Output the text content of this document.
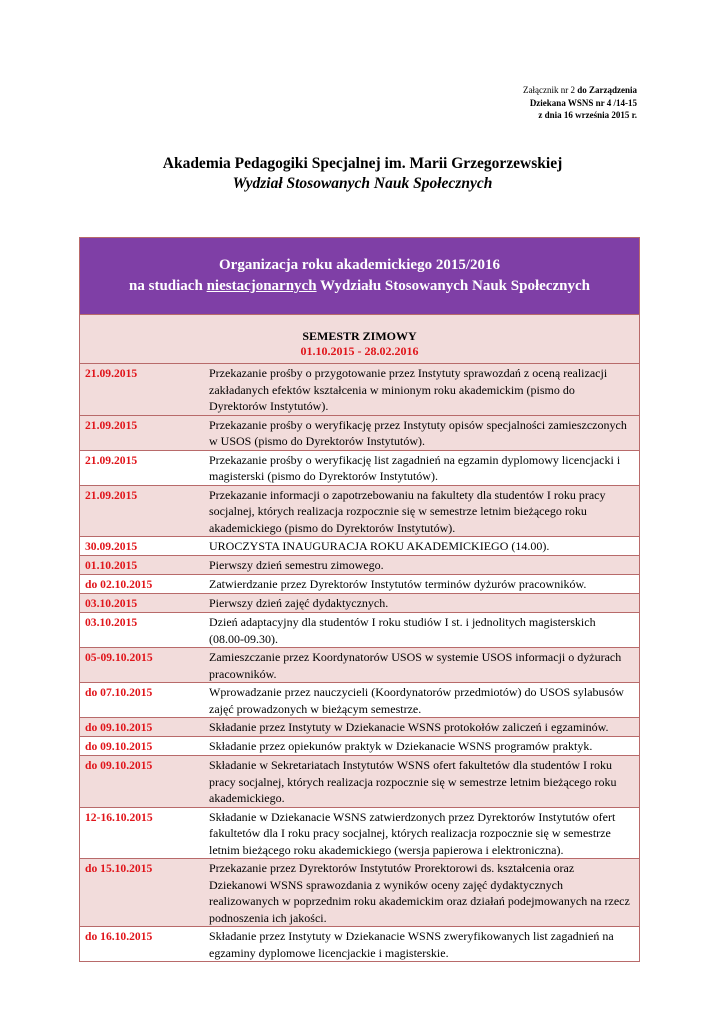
Załącznik nr 2 do Zarządzenia
Dziekana WSNS nr 4 /14-15
z dnia 16 września 2015 r.
Akademia Pedagogiki Specjalnej im. Marii Grzegorzewskiej
Wydział Stosowanych Nauk Społecznych
Organizacja roku akademickiego 2015/2016
na studiach niestacjonarnych Wydziału Stosowanych Nauk Społecznych
SEMESTR ZIMOWY
01.10.2015 - 28.02.2016
21.09.2015	Przekazanie prośby o przygotowanie przez Instytuty sprawozdań z oceną realizacji zakładanych efektów kształcenia w minionym roku akademickim (pismo do Dyrektorów Instytutów).
21.09.2015	Przekazanie prośby o weryfikację przez Instytuty opisów specjalności zamieszczonych w USOS (pismo do Dyrektorów Instytutów).
21.09.2015	Przekazanie prośby o weryfikację list zagadnień na egzamin dyplomowy licencjacki i magisterski (pismo do Dyrektorów Instytutów).
21.09.2015	Przekazanie informacji o zapotrzebowaniu na fakultety dla studentów I roku pracy socjalnej, których realizacja rozpocznie się w semestrze letnim bieżącego roku akademickiego (pismo do Dyrektorów Instytutów).
30.09.2015	UROCZYSTA INAUGURACJA ROKU AKADEMICKIEGO (14.00).
01.10.2015	Pierwszy dzień semestru zimowego.
do 02.10.2015	Zatwierdzanie przez Dyrektorów Instytutów terminów dyżurów pracowników.
03.10.2015	Pierwszy dzień zajęć dydaktycznych.
03.10.2015	Dzień adaptacyjny dla studentów I roku studiów I st. i jednolitych magisterskich (08.00-09.30).
05-09.10.2015	Zamieszczanie przez Koordynatorów USOS w systemie USOS informacji o dyżurach pracowników.
do 07.10.2015	Wprowadzanie przez nauczycieli (Koordynatorów przedmiotów) do USOS sylabusów zajęć prowadzonych w bieżącym semestrze.
do 09.10.2015	Składanie przez Instytuty w Dziekanacie WSNS protokołów zaliczeń i egzaminów.
do 09.10.2015	Składanie przez opiekunów praktyk w Dziekanacie WSNS programów praktyk.
do 09.10.2015	Składanie w Sekretariatach Instytutów WSNS ofert fakultetów dla studentów I roku pracy socjalnej, których realizacja rozpocznie się w semestrze letnim bieżącego roku akademickiego.
12-16.10.2015	Składanie w Dziekanacie WSNS zatwierdzonych przez Dyrektorów Instytutów ofert fakultetów dla I roku pracy socjalnej, których realizacja rozpocznie się w semestrze letnim bieżącego roku akademickiego (wersja papierowa i elektroniczna).
do 15.10.2015	Przekazanie przez Dyrektorów Instytutów Prorektorowi ds. kształcenia oraz Dziekanowi WSNS sprawozdania z wyników oceny zajęć dydaktycznych realizowanych w poprzednim roku akademickim oraz działań podejmowanych na rzecz podnoszenia ich jakości.
do 16.10.2015	Składanie przez Instytuty w Dziekanacie WSNS zweryfikowanych list zagadnień na egzaminy dyplomowe licencjackie i magisterskie.
